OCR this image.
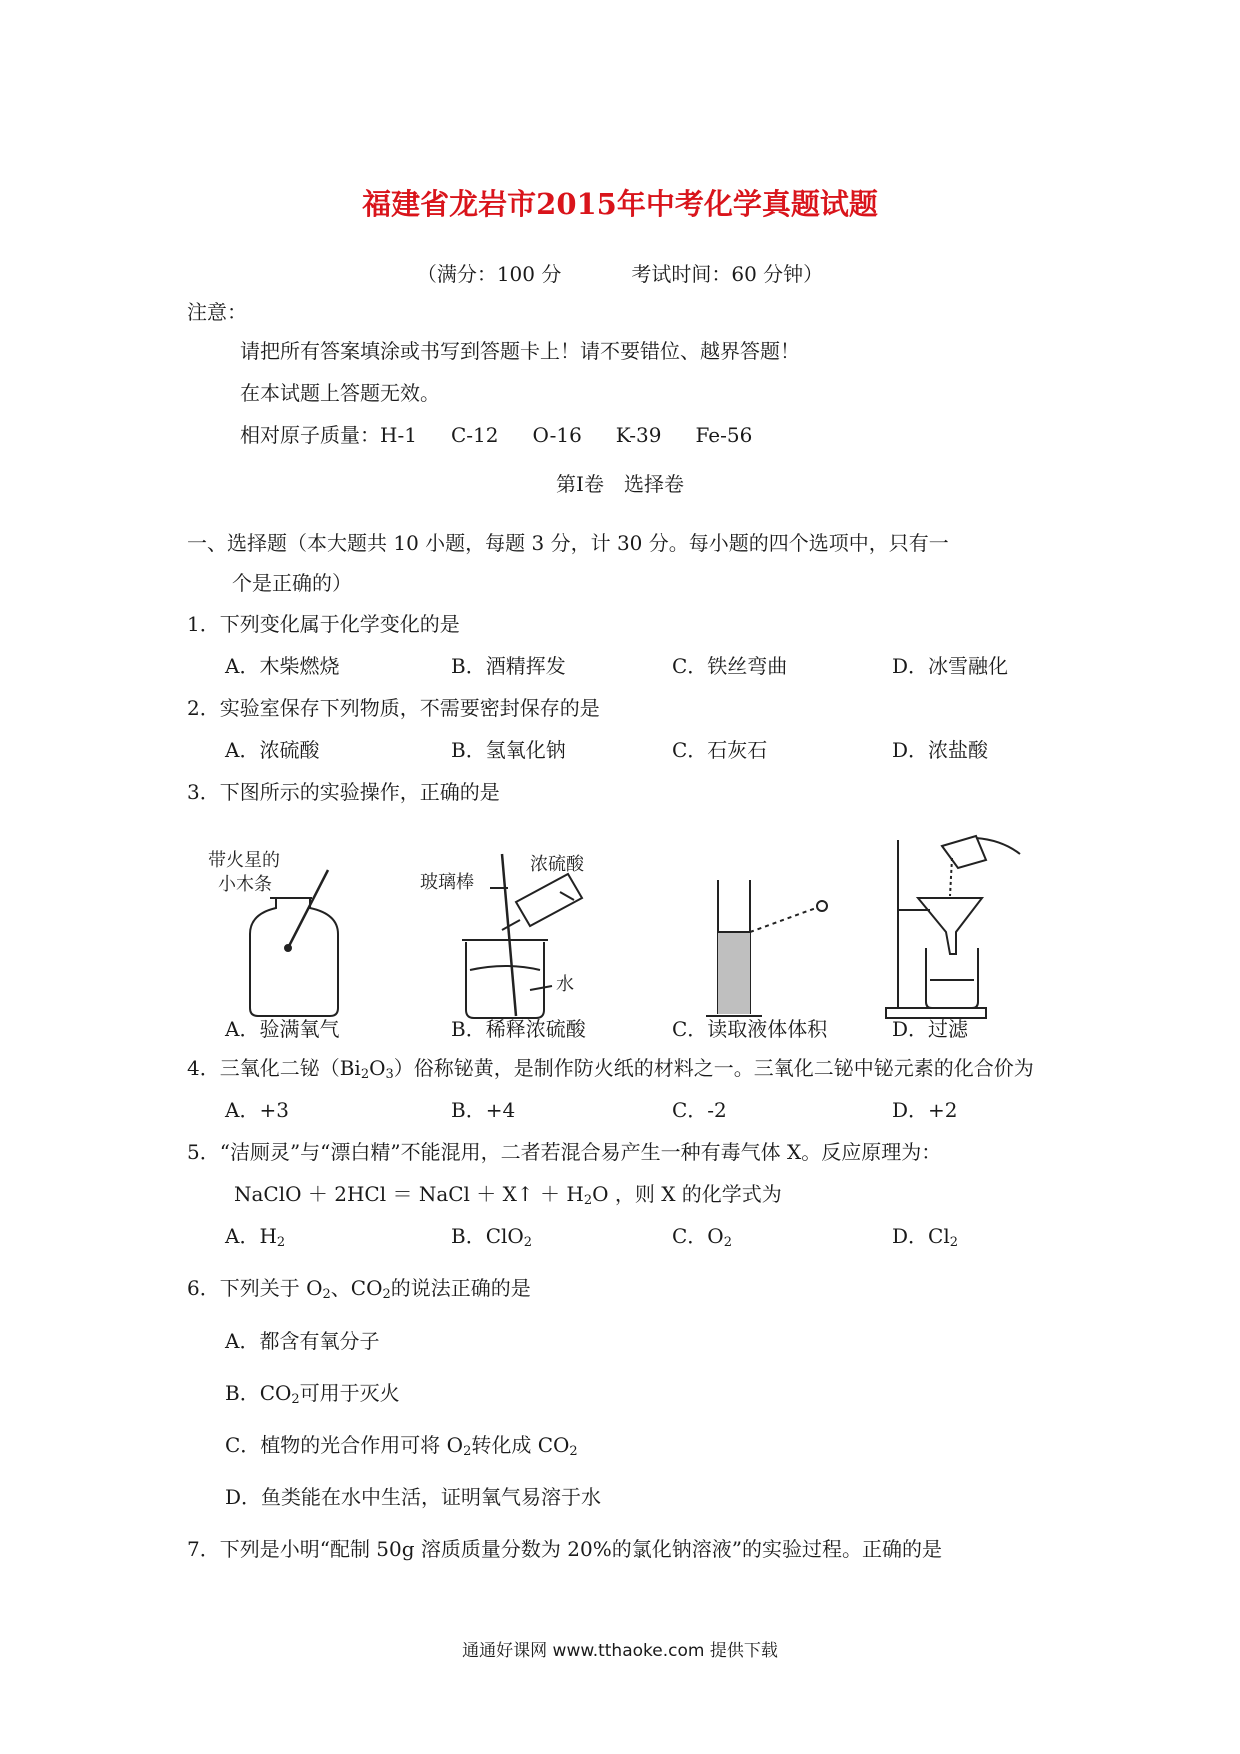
福建省龙岩市2015年中考化学真题试题
（满分：100 分	考试时间：60 分钟）
注意：
请把所有答案填涂或书写到答题卡上！请不要错位、越界答题！
在本试题上答题无效。
相对原子质量：H-1 C-12 O-16 K-39 Fe-56
第Ⅰ卷　选择卷
一、选择题（本大题共 10 小题，每题 3 分，计 30 分。每小题的四个选项中，只有一
个是正确的）
1．下列变化属于化学变化的是
A．木柴燃烧	B．酒精挥发	C．铁丝弯曲	D．冰雪融化
2．实验室保存下列物质，不需要密封保存的是
A．浓硫酸	B．氢氧化钠	C．石灰石	D．浓盐酸
3．下图所示的实验操作，正确的是
带火星的
小木条	玻璃棒
浓硫酸
水
A．验满氧气	B．稀释浓硫酸	C．读取液体体积	D．过滤
4．三氧化二铋$(Bi_2O_3)$俗称铋黄，是制作防火纸的材料之一。三氧化二铋中铋元素的化合价为
A．+3	B．+4	C．-2	D．+2
5．“洁厕灵”与“漂白精”不能混用，二者若混合易产生一种有毒气体 X。反应原理为：
NaClO ＋ 2HCl ＝ NaCl ＋ X↑ ＋ $H_2O$ ，则 X 的化学式为
A．$H_2$	B．ClO$_2$	C．$O_2$	D．$Cl_2$
6．下列关于 $O_2$、$CO_2$的说法正确的是
A．都含有氧分子
B．$CO_2$可用于灭火
C．植物的光合作用可将 $O_2$转化成 $CO_2$
D．鱼类能在水中生活，证明氧气易溶于水
7．下列是小明“配制 50g 溶质质量分数为 20%的氯化钠溶液”的实验过程。正确的是
通通好课网 www.tthaoke.com 提供下载
